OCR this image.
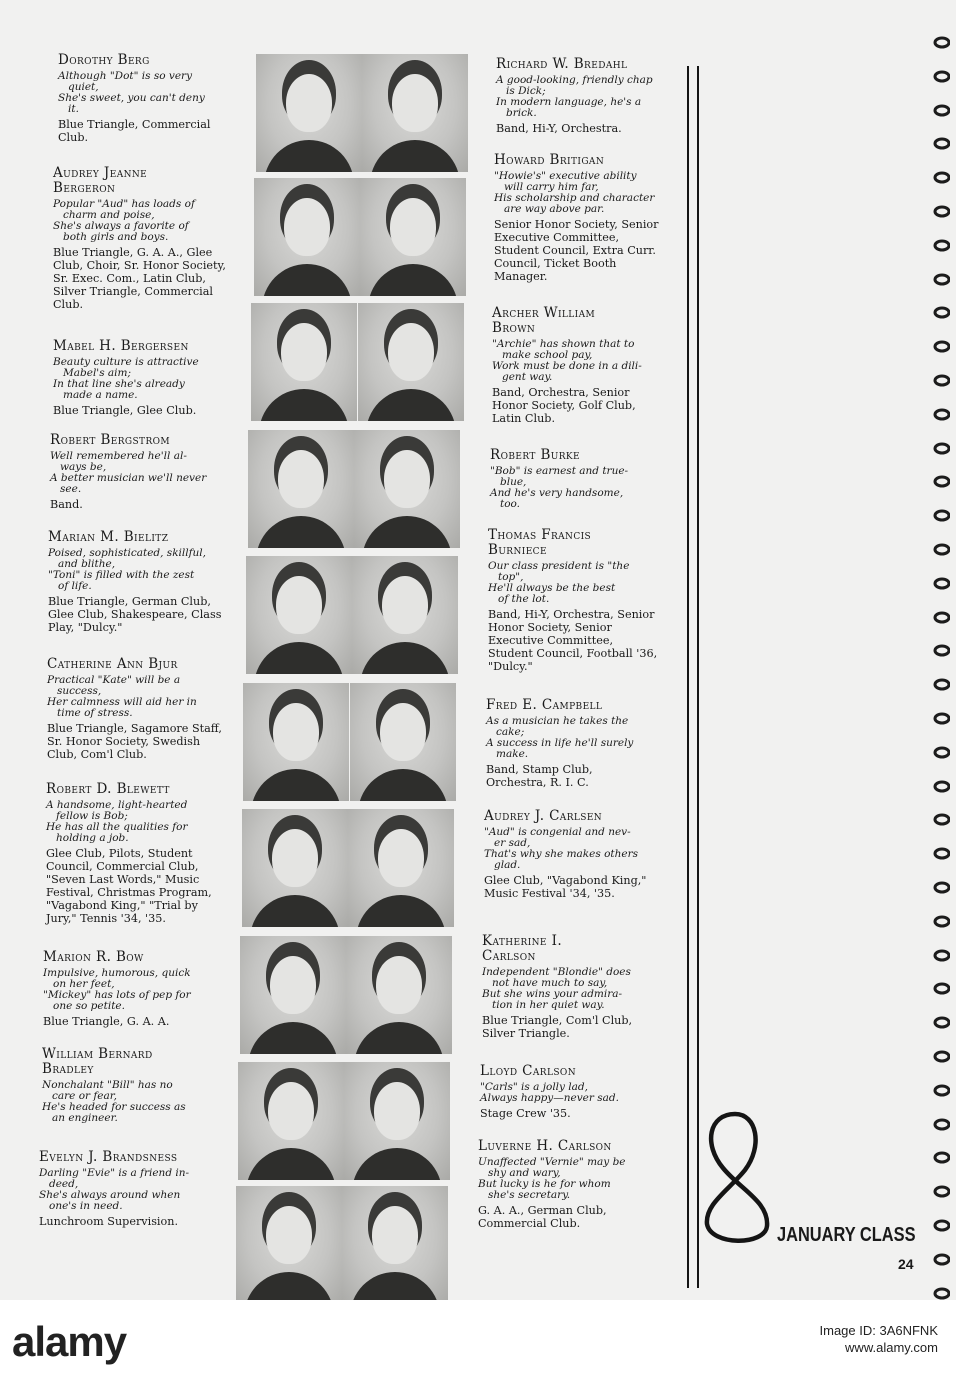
Dorothy Berg
Although "Dot" is so very
quiet,
She's sweet, you can't deny
it.
Blue Triangle, Commercial Club.
Audrey Jeanne Bergeron
Popular "Aud" has loads of
charm and poise,
She's always a favorite of
both girls and boys.
Blue Triangle, G. A. A., Glee Club, Choir, Sr. Honor Society, Sr. Exec. Com., Latin Club, Silver Triangle, Commercial Club.
Mabel H. Bergersen
Beauty culture is attractive
Mabel's aim;
In that line she's already
made a name.
Blue Triangle, Glee Club.
Robert Bergstrom
Well remembered he'll al-
ways be,
A better musician we'll never
see.
Band.
Marian M. Bielitz
Poised, sophisticated, skillful,
and blithe,
"Toni" is filled with the zest
of life.
Blue Triangle, German Club, Glee Club, Shakespeare, Class Play, "Dulcy."
Catherine Ann Bjur
Practical "Kate" will be a
success,
Her calmness will aid her in
time of stress.
Blue Triangle, Sagamore Staff, Sr. Honor Society, Swedish Club, Com'l Club.
Robert D. Blewett
A handsome, light-hearted
fellow is Bob;
He has all the qualities for
holding a job.
Glee Club, Pilots, Student Council, Commercial Club, "Seven Last Words," Music Festival, Christmas Program, "Vagabond King," "Trial by Jury," Tennis '34, '35.
Marion R. Bow
Impulsive, humorous, quick
on her feet,
"Mickey" has lots of pep for
one so petite.
Blue Triangle, G. A. A.
William Bernard Bradley
Nonchalant "Bill" has no
care or fear,
He's headed for success as
an engineer.
Evelyn J. Brandsness
Darling "Evie" is a friend in-
deed,
She's always around when
one's in need.
Lunchroom Supervision.
Richard W. Bredahl
A good-looking, friendly chap
is Dick;
In modern language, he's a
brick.
Band, Hi-Y, Orchestra.
Howard Britigan
"Howie's" executive ability
will carry him far,
His scholarship and character
are way above par.
Senior Honor Society, Senior Executive Committee, Student Council, Extra Curr. Council, Ticket Booth Manager.
Archer William Brown
"Archie" has shown that to
make school pay,
Work must be done in a dili-
gent way.
Band, Orchestra, Senior Honor Society, Golf Club, Latin Club.
Robert Burke
"Bob" is earnest and true-
blue,
And he's very handsome,
too.
Thomas Francis Burniece
Our class president is "the
top",
He'll always be the best
of the lot.
Band, Hi-Y, Orchestra, Senior Honor Society, Senior Executive Committee, Student Council, Football '36, "Dulcy."
Fred E. Campbell
As a musician he takes the
cake;
A success in life he'll surely
make.
Band, Stamp Club, Orchestra, R. I. C.
Audrey J. Carlsen
"Aud" is congenial and nev-
er sad,
That's why she makes others
glad.
Glee Club, "Vagabond King," Music Festival '34, '35.
Katherine I. Carlson
Independent "Blondie" does
not have much to say,
But she wins your admira-
tion in her quiet way.
Blue Triangle, Com'l Club, Silver Triangle.
Lloyd Carlson
"Carls" is a jolly lad,
Always happy—never sad.
Stage Crew '35.
Luverne H. Carlson
Unaffected "Vernie" may be
shy and wary,
But lucky is he for whom
she's secretary.
G. A. A., German Club, Commercial Club.
JANUARY CLASS
24
alamy	Image ID: 3A6NFNK
www.alamy.com
